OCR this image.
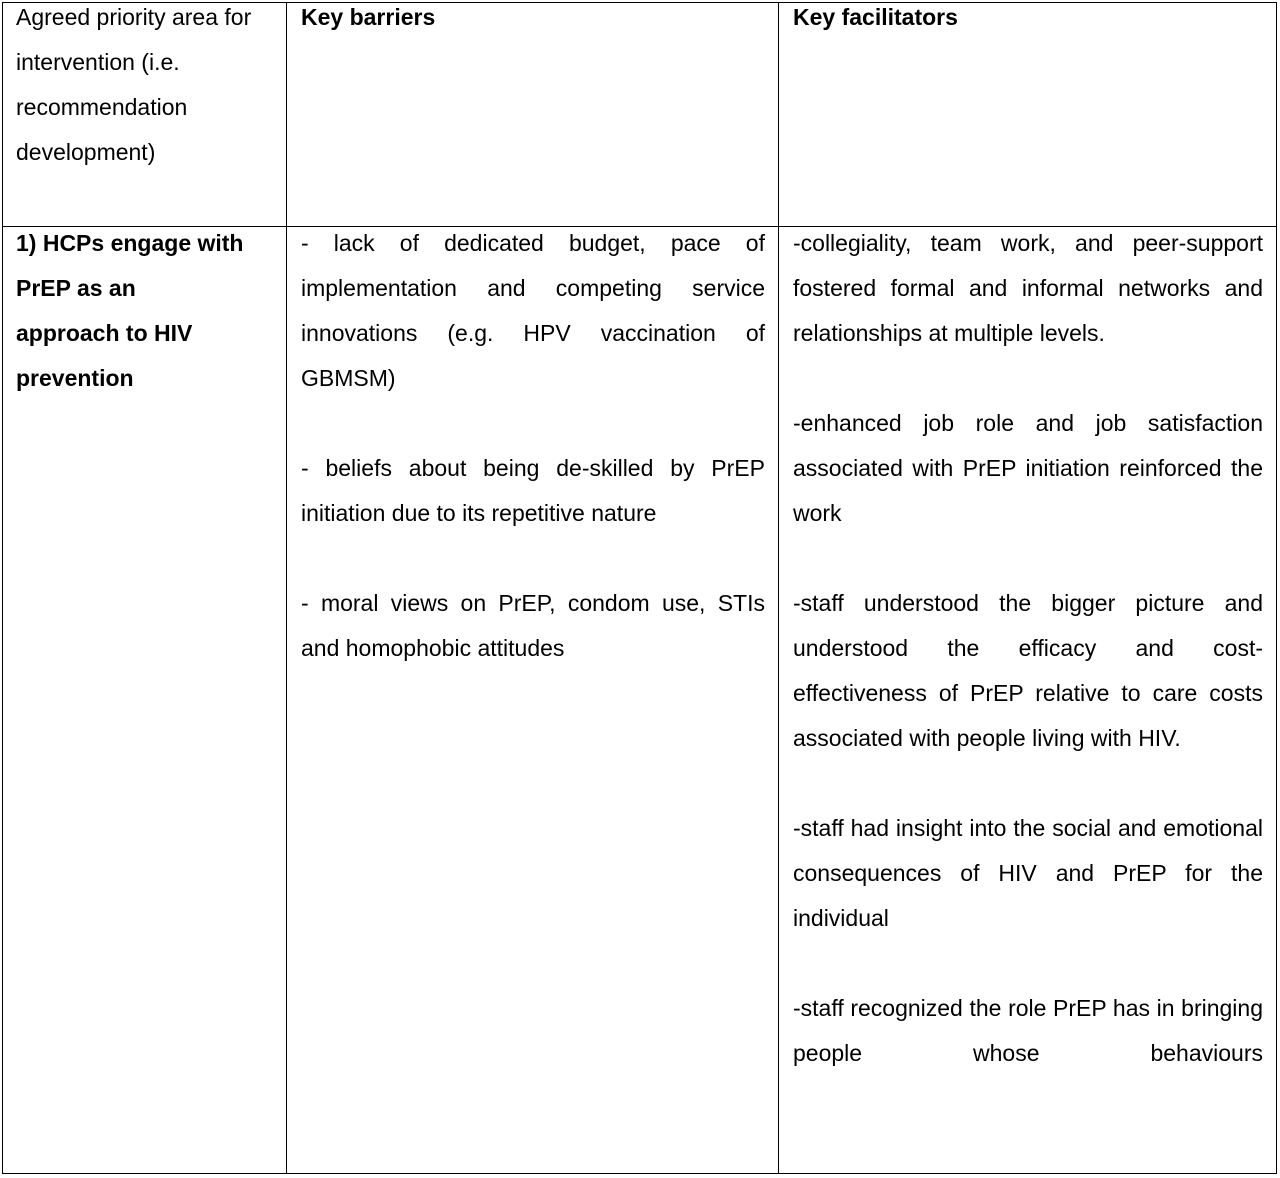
Agreed priority area for intervention (i.e. recommendation development)
Key barriers	Key facilitators

1) HCPs engage with PrEP as an approach to HIV prevention

- lack of dedicated budget, pace of implementation and competing service innovations (e.g. HPV vaccination of GBMSM)

- beliefs about being de-skilled by PrEP initiation due to its repetitive nature

- moral views on PrEP, condom use, STIs and homophobic attitudes

-collegiality, team work, and peer-support fostered formal and informal networks and relationships at multiple levels.

-enhanced job role and job satisfaction associated with PrEP initiation reinforced the work

-staff understood the bigger picture and understood the efficacy and cost-effectiveness of PrEP relative to care costs associated with people living with HIV.

-staff had insight into the social and emotional consequences of HIV and PrEP for the individual

-staff recognized the role PrEP has in bringing people whose behaviours
